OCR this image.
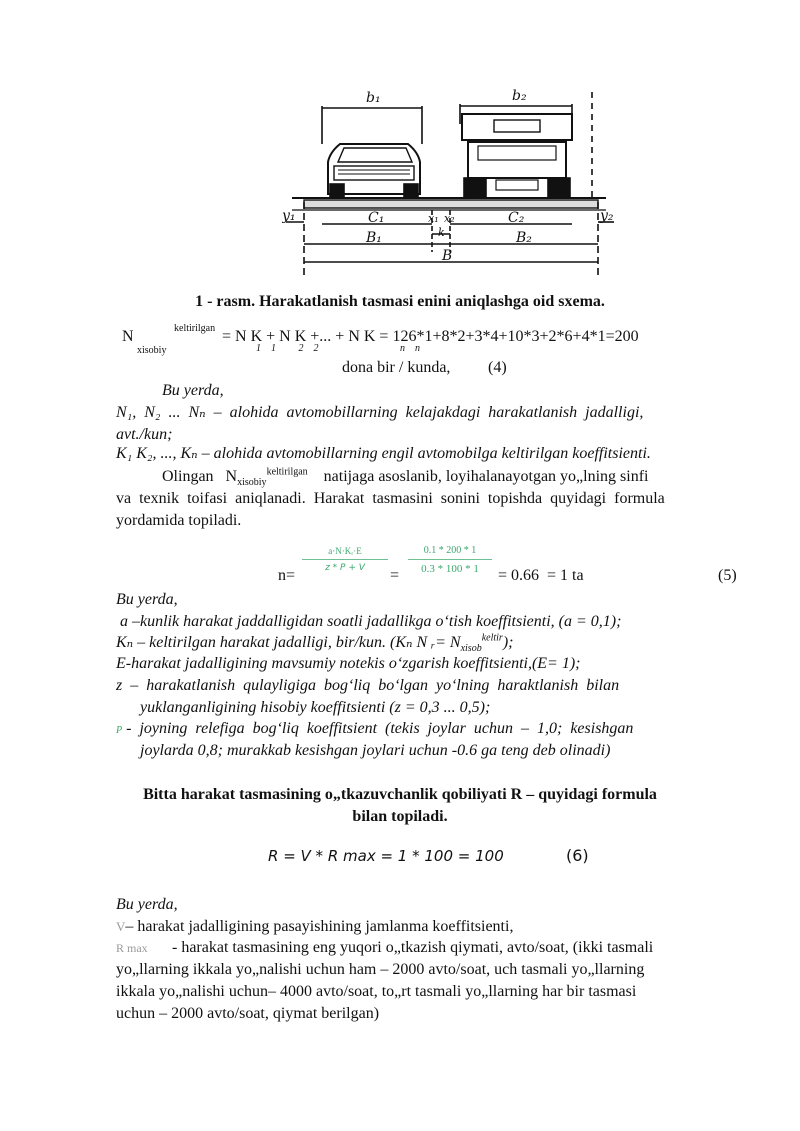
b₁	b₂
y₁	y₂
C₁	C₂
x₁ x₂
k
B₁	B₂
B
1 - rasm. Harakatlanish tasmasi enini aniqlashga oid sxema.
N	keltirilgan
xisobiy
= N K + N K +... + N K = 126*1+8*2+3*4+10*3+2*6+4*1=200
1    1         2    2	n    n
dona bir / kunda, (4)
Bu yerda,
N₁,  N₂  ...  Nₙ  –  alohida  avtomobillarning  kelajakdagi  harakatlanish  jadalligi,
avt./kun;
K₁ K₂, ..., Kₙ – alohida avtomobillarning engil avtomobilga keltirilgan koeffitsienti.
Olingan $N_{xisobiy}^{keltirilgan}$ natijaga asoslanib, loyihalanayotgan yo„lning sinfi
va  texnik  toifasi  aniqlanadi.  Harakat  tasmasini  sonini  topishda  quyidagi  formula
yordamida topiladi.
n=
a·N·Kᵣ·E
z * P + V	=
0.1 * 200 * 1
0.3 * 100 * 1	= 0.66  = 1 ta	(5)
Bu yerda,
a –kunlik harakat jaddalligidan soatli jadallikga o‘tish koeffitsienti, (a = 0,1);
Kₙ – keltirilgan harakat jadalligi, bir/kun. (Kₙ N ᵣ= $N_{xisob}^{keltir}$);
E-harakat jadalligining mavsumiy notekis o‘zgarish koeffitsienti,(E= 1);
z  –  harakatlanish  qulayligiga  bog‘liq  bo‘lgan  yo‘lning  haraktlanish  bilan
yuklanganligining hisobiy koeffitsienti (z = 0,3 ... 0,5);
Ρ -  joyning  relefiga  bog‘liq  koeffitsient  (tekis  joylar  uchun  –  1,0;  kesishgan
joylarda 0,8; murakkab kesishgan joylari uchun -0.6 ga teng deb olinadi)
Bitta harakat tasmasining o„tkazuvchanlik qobiliyati R – quyidagi formula
bilan topiladi.
R = V * R max = 1 * 100 = 100	(6)
Bu yerda,
V– harakat jadalligining pasayishining jamlanma koeffitsienti,
R max - harakat tasmasining eng yuqori o„tkazish qiymati, avto/soat, (ikki tasmali
yo„llarning ikkala yo„nalishi uchun ham – 2000 avto/soat, uch tasmali yo„llarning
ikkala yo„nalishi uchun– 4000 avto/soat, to„rt tasmali yo„llarning har bir tasmasi
uchun – 2000 avto/soat, qiymat berilgan)
